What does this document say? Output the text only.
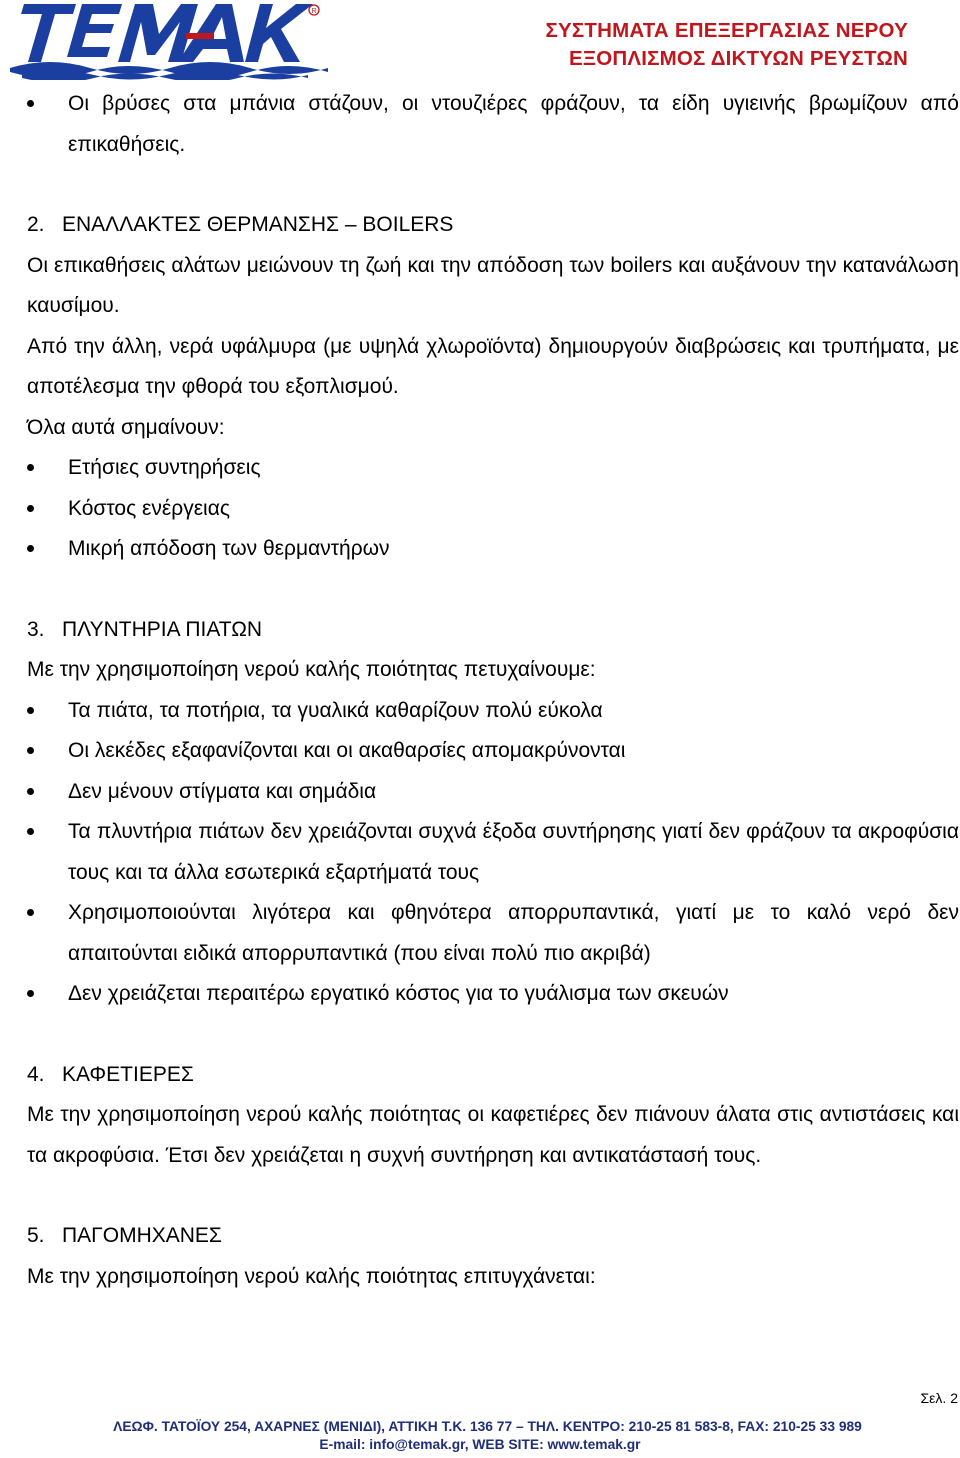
R
ΣΥΣΤΗΜΑΤΑ ΕΠΕΞΕΡΓΑΣΙΑΣ ΝΕΡΟΥ
ΕΞΟΠΛΙΣΜΟΣ ΔΙΚΤΥΩΝ ΡΕΥΣΤΩΝ

Οι βρύσες στα μπάνια στάζουν, οι ντουζιέρες φράζουν, τα είδη υγιεινής βρωμίζουν από επικαθήσεις.

2. ΕΝΑΛΛΑΚΤΕΣ ΘΕΡΜΑΝΣΗΣ – BOILERS

Οι επικαθήσεις αλάτων μειώνουν τη ζωή και την απόδοση των boilers και αυξάνουν την κατανάλωση καυσίμου.

Από την άλλη, νερά υφάλμυρα (με υψηλά χλωροϊόντα) δημιουργούν διαβρώσεις και τρυπήματα, με αποτέλεσμα την φθορά του εξοπλισμού.

Όλα αυτά σημαίνουν:

Ετήσιες συντηρήσεις

Κόστος ενέργειας

Μικρή απόδοση των θερμαντήρων

3. ΠΛΥΝΤΗΡΙΑ ΠΙΑΤΩΝ

Με την χρησιμοποίηση νερού καλής ποιότητας πετυχαίνουμε:

Τα πιάτα, τα ποτήρια, τα γυαλικά καθαρίζουν πολύ εύκολα

Οι λεκέδες εξαφανίζονται και οι ακαθαρσίες απομακρύνονται

Δεν μένουν στίγματα και σημάδια

Τα πλυντήρια πιάτων δεν χρειάζονται συχνά έξοδα συντήρησης γιατί δεν φράζουν τα ακροφύσια τους και τα άλλα εσωτερικά εξαρτήματά τους

Χρησιμοποιούνται λιγότερα και φθηνότερα απορρυπαντικά, γιατί με το καλό νερό δεν απαιτούνται ειδικά απορρυπαντικά (που είναι πολύ πιο ακριβά)

Δεν χρειάζεται περαιτέρω εργατικό κόστος για το γυάλισμα των σκευών

4. ΚΑΦΕΤΙΕΡΕΣ

Με την χρησιμοποίηση νερού καλής ποιότητας οι καφετιέρες δεν πιάνουν άλατα στις αντιστάσεις και τα ακροφύσια. Έτσι δεν χρειάζεται η συχνή συντήρηση και αντικατάστασή τους.

5. ΠΑΓΟΜΗΧΑΝΕΣ

Με την χρησιμοποίηση νερού καλής ποιότητας επιτυγχάνεται:

Σελ. 2
ΛΕΩΦ. ΤΑΤΟΪΟΥ 254, ΑΧΑΡΝΕΣ (ΜΕΝΙΔΙ), ΑΤΤΙΚΗ Τ.Κ. 136 77 – ΤΗΛ. ΚΕΝΤΡΟ: 210-25 81 583-8, FAX: 210-25 33 989
E-mail: info@temak.gr, WEB SITE: www.temak.gr
